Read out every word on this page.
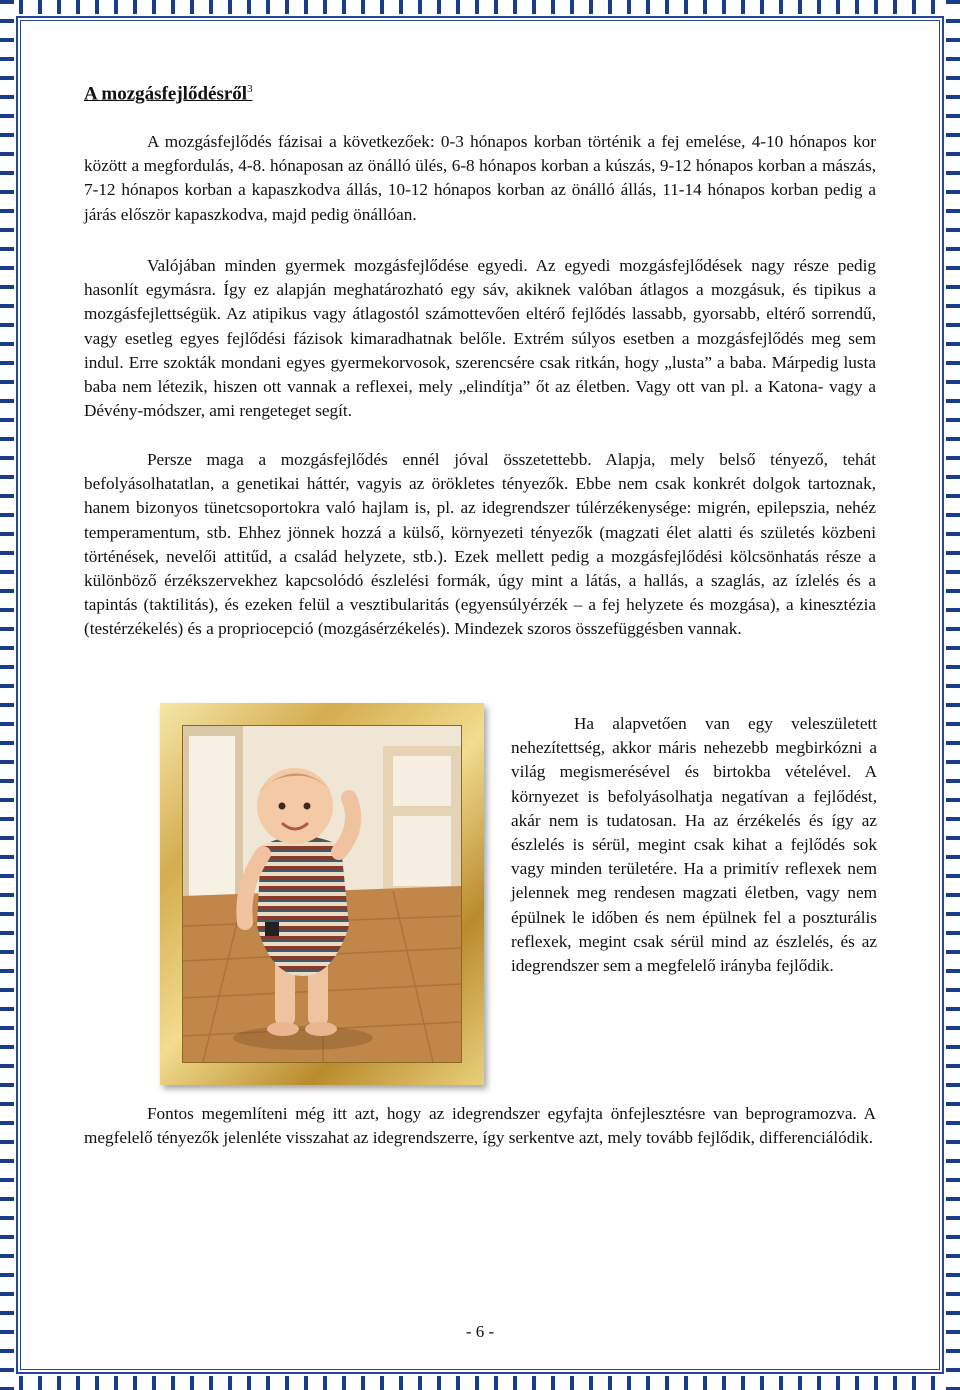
A mozgásfejlődésről$^3$

A mozgásfejlődés fázisai a következőek: 0-3 hónapos korban történik a fej emelése, 4-10 hónapos kor között a megfordulás, 4-8. hónaposan az önálló ülés, 6-8 hónapos korban a kúszás, 9-12 hónapos korban a mászás, 7-12 hónapos korban a kapaszkodva állás, 10-12 hónapos korban az önálló állás, 11-14 hónapos korban pedig a járás először kapaszkodva, majd pedig önállóan.

Valójában minden gyermek mozgásfejlődése egyedi. Az egyedi mozgásfejlődések nagy része pedig hasonlít egymásra. Így ez alapján meghatározható egy sáv, akiknek valóban átlagos a mozgásuk, és tipikus a mozgásfejlettségük. Az atipikus vagy átlagostól számottevően eltérő fejlődés lassabb, gyorsabb, eltérő sorrendű, vagy esetleg egyes fejlődési fázisok kimaradhatnak belőle. Extrém súlyos esetben a mozgásfejlődés meg sem indul. Erre szokták mondani egyes gyermekorvosok, szerencsére csak ritkán, hogy „lusta” a baba. Márpedig lusta baba nem létezik, hiszen ott vannak a reflexei, mely „elindítja” őt az életben. Vagy ott van pl. a Katona- vagy a Dévény-módszer, ami rengeteget segít.

Persze maga a mozgásfejlődés ennél jóval összetettebb. Alapja, mely belső tényező, tehát befolyásolhatatlan, a genetikai háttér, vagyis az örökletes tényezők. Ebbe nem csak konkrét dolgok tartoznak, hanem bizonyos tünetcsoportokra való hajlam is, pl. az idegrendszer túlérzékenysége: migrén, epilepszia, nehéz temperamentum, stb. Ehhez jönnek hozzá a külső, környezeti tényezők (magzati élet alatti és születés közbeni történések, nevelői attitűd, a család helyzete, stb.). Ezek mellett pedig a mozgásfejlődési kölcsönhatás része a különböző érzékszervekhez kapcsolódó észlelési formák, úgy mint a látás, a hallás, a szaglás, az ízlelés és a tapintás (taktilitás), és ezeken felül a vesztibularitás (egyensúlyérzék – a fej helyzete és mozgása), a kinesztézia (testérzékelés) és a propriocepció (mozgásérzékelés). Mindezek szoros összefüggésben vannak.

Ha alapvetően van egy veleszületett nehezítettség, akkor máris nehezebb megbirkózni a világ megismerésével és birtokba vételével. A környezet is befolyásolhatja negatívan a fejlődést, akár nem is tudatosan. Ha az érzékelés és így az észlelés is sérül, megint csak kihat a fejlődés sok vagy minden területére. Ha a primitív reflexek nem jelennek meg rendesen magzati életben, vagy nem épülnek le időben és nem épülnek fel a poszturális reflexek, megint csak sérül mind az észlelés, és az idegrendszer sem a megfelelő irányba fejlődik.

Fontos megemlíteni még itt azt, hogy az idegrendszer egyfajta önfejlesztésre van beprogramozva. A megfelelő tényezők jelenléte visszahat az idegrendszerre, így serkentve azt, mely tovább fejlődik, differenciálódik.

- 6 -
